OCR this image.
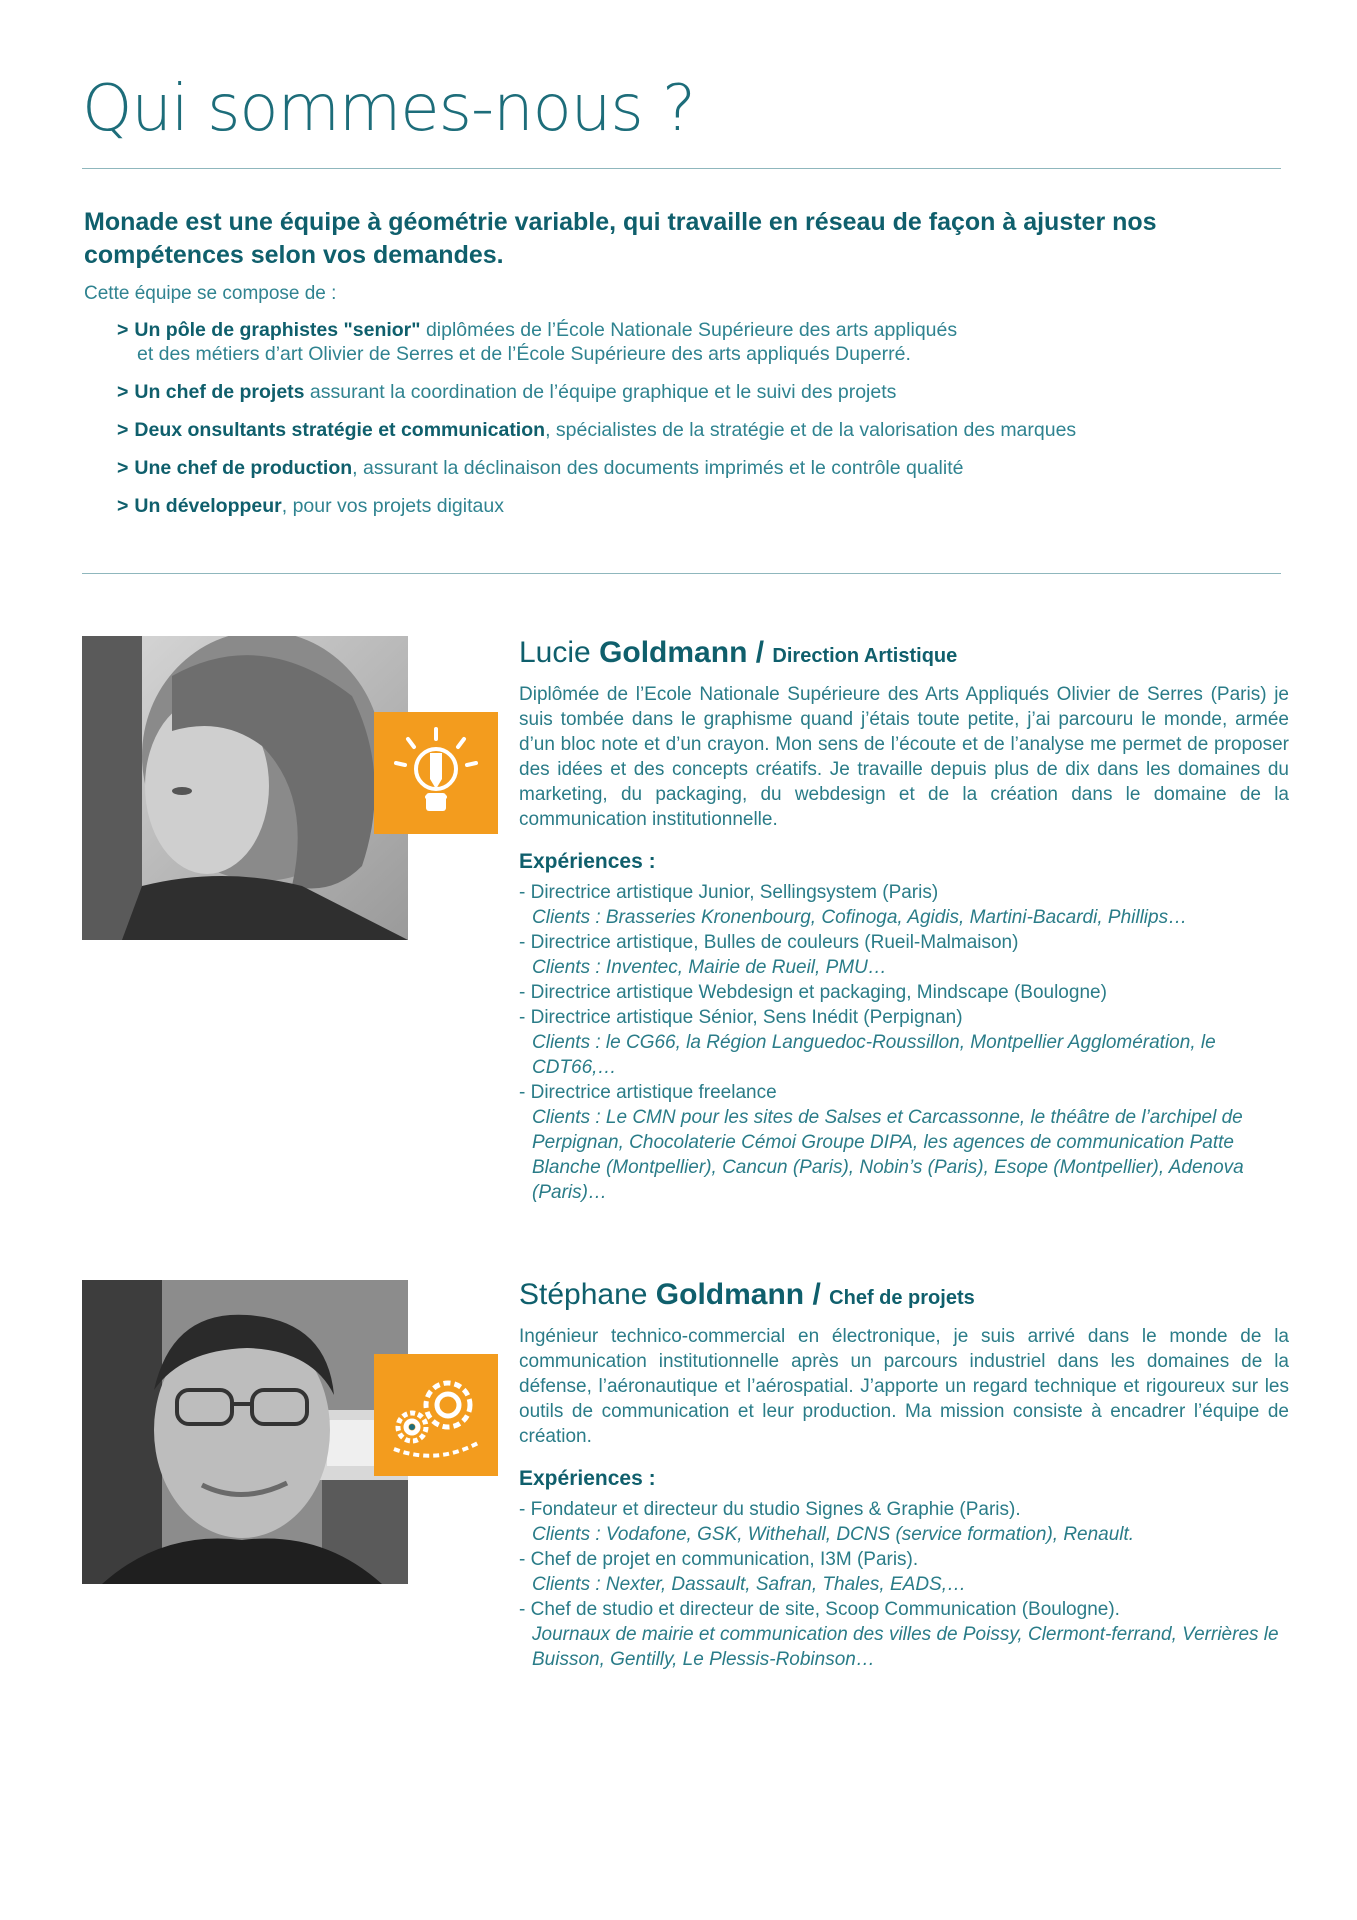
Qui sommes-nous ?

Monade est une équipe à géométrie variable, qui travaille en réseau de façon à ajuster nos compétences selon vos demandes.

Cette équipe se compose de :
> Un pôle de graphistes "senior" diplômées de l’École Nationale Supérieure des arts appliqués
et des métiers d’art Olivier de Serres et de l’École Supérieure des arts appliqués Duperré.
> Un chef de projets assurant la coordination de l’équipe graphique et le suivi des projets
> Deux onsultants stratégie et communication, spécialistes de la stratégie et de la valorisation des marques
> Une chef de production, assurant la déclinaison des documents imprimés et le contrôle qualité
> Un développeur, pour vos projets digitaux
Lucie Goldmann / Direction Artistique

Diplômée de l’Ecole Nationale Supérieure des Arts Appliqués Olivier de Serres (Paris) je suis tombée dans le graphisme quand j’étais toute petite, j’ai parcouru le monde, armée d’un bloc note et d’un crayon. Mon sens de l’écoute et de l’analyse me permet de proposer des idées et des concepts créatifs. Je travaille depuis plus de dix dans les domaines du marketing, du packaging, du webdesign et de la création dans le domaine de la communication institutionnelle.

Expériences :
- Directrice artistique Junior, Sellingsystem (Paris)
Clients : Brasseries Kronenbourg, Cofinoga, Agidis, Martini-Bacardi, Phillips…
- Directrice artistique, Bulles de couleurs (Rueil-Malmaison)
Clients : Inventec, Mairie de Rueil, PMU…
- Directrice artistique Webdesign et packaging, Mindscape (Boulogne)
- Directrice artistique Sénior, Sens Inédit (Perpignan)
Clients : le CG66, la Région Languedoc-Roussillon, Montpellier Agglomération, le CDT66,…
- Directrice artistique freelance
Clients : Le CMN pour les sites de Salses et Carcassonne, le théâtre de l’archipel de Perpignan, Chocolaterie Cémoi Groupe DIPA, les agences de communication Patte Blanche (Montpellier), Cancun (Paris), Nobin’s (Paris), Esope (Montpellier), Adenova (Paris)…
Stéphane Goldmann / Chef de projets

Ingénieur technico-commercial en électronique, je suis arrivé dans le monde de la communication institutionnelle après un parcours industriel dans les domaines de la défense, l’aéronautique et l’aérospatial. J’apporte un regard technique et rigoureux sur les outils de communication et leur production. Ma mission consiste à encadrer l’équipe de création.

Expériences :
- Fondateur et directeur du studio Signes & Graphie (Paris).
Clients : Vodafone, GSK, Withehall, DCNS (service formation), Renault.
- Chef de projet en communication, I3M (Paris).
Clients : Nexter, Dassault, Safran, Thales, EADS,…
- Chef de studio et directeur de site, Scoop Communication (Boulogne).
Journaux de mairie et communication des villes de Poissy, Clermont-ferrand, Verrières le Buisson, Gentilly, Le Plessis-Robinson…
